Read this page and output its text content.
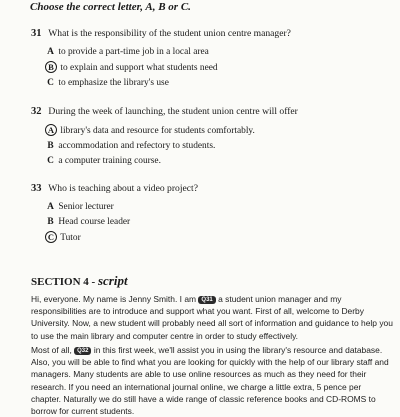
Choose the correct letter, A, B or C.
31 What is the responsibility of the student union centre manager?
A to provide a part-time job in a local area
B to explain and support what students need
C to emphasize the library's use
32 During the week of launching, the student union centre will offer
A library's data and resource for students comfortably.
B accommodation and refectory to students.
C a computer training course.
33 Who is teaching about a video project?
A Senior lecturer
B Head course leader
C Tutor
SECTION 4 - script
Hi, everyone. My name is Jenny Smith. I am Q31 a student union manager and my responsibilities are to introduce and support what you want. First of all, welcome to Derby University. Now, a new student will probably need all sort of information and guidance to help you to use the main library and computer centre in order to study effectively.
Most of all, Q32 in this first week, we'll assist you in using the library's resource and database. Also, you will be able to find what you are looking for quickly with the help of our library staff and managers. Many students are able to use online resources as much as they need for their research. If you need an international journal online, we charge a little extra, 5 pence per chapter. Naturally we do still have a wide range of classic reference books and CD-ROMS to borrow for current students.
